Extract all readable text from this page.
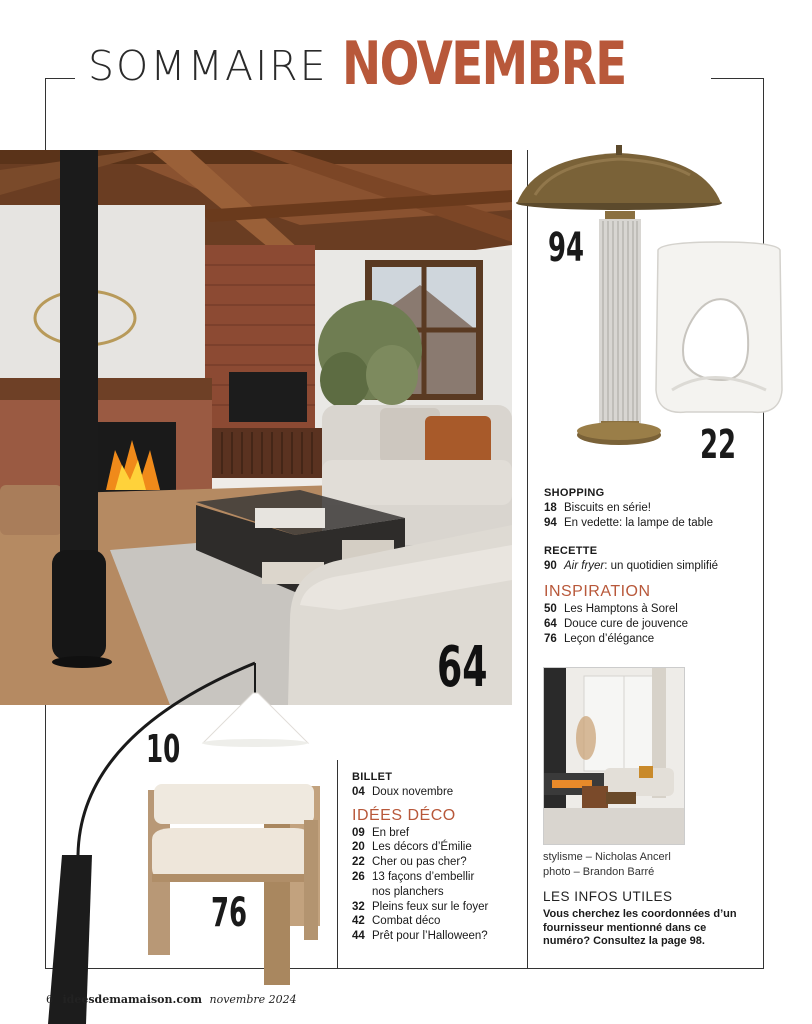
SOMMAIRE NOVEMBRE
64
94
22
10
76
SHOPPING
18 Biscuits en série!
94 En vedette: la lampe de table
RECETTE
90 Air fryer: un quotidien simplifié
INSPIRATION
50 Les Hamptons à Sorel
64 Douce cure de jouvence
76 Leçon d’élégance
BILLET
04 Doux novembre
IDÉES DÉCO
09 En bref
20 Les décors d’Émilie
22 Cher ou pas cher?
26 13 façons d’embellir
nos planchers
32 Pleins feux sur le foyer
42 Combat déco
44 Prêt pour l’Halloween?
stylisme – Nicholas Ancerl
photo – Brandon Barré
LES INFOS UTILES
Vous cherchez les coordonnées d’un fournisseur mentionné dans ce numéro? Consultez la page 98.
6 ideesdemamaison.com novembre 2024
